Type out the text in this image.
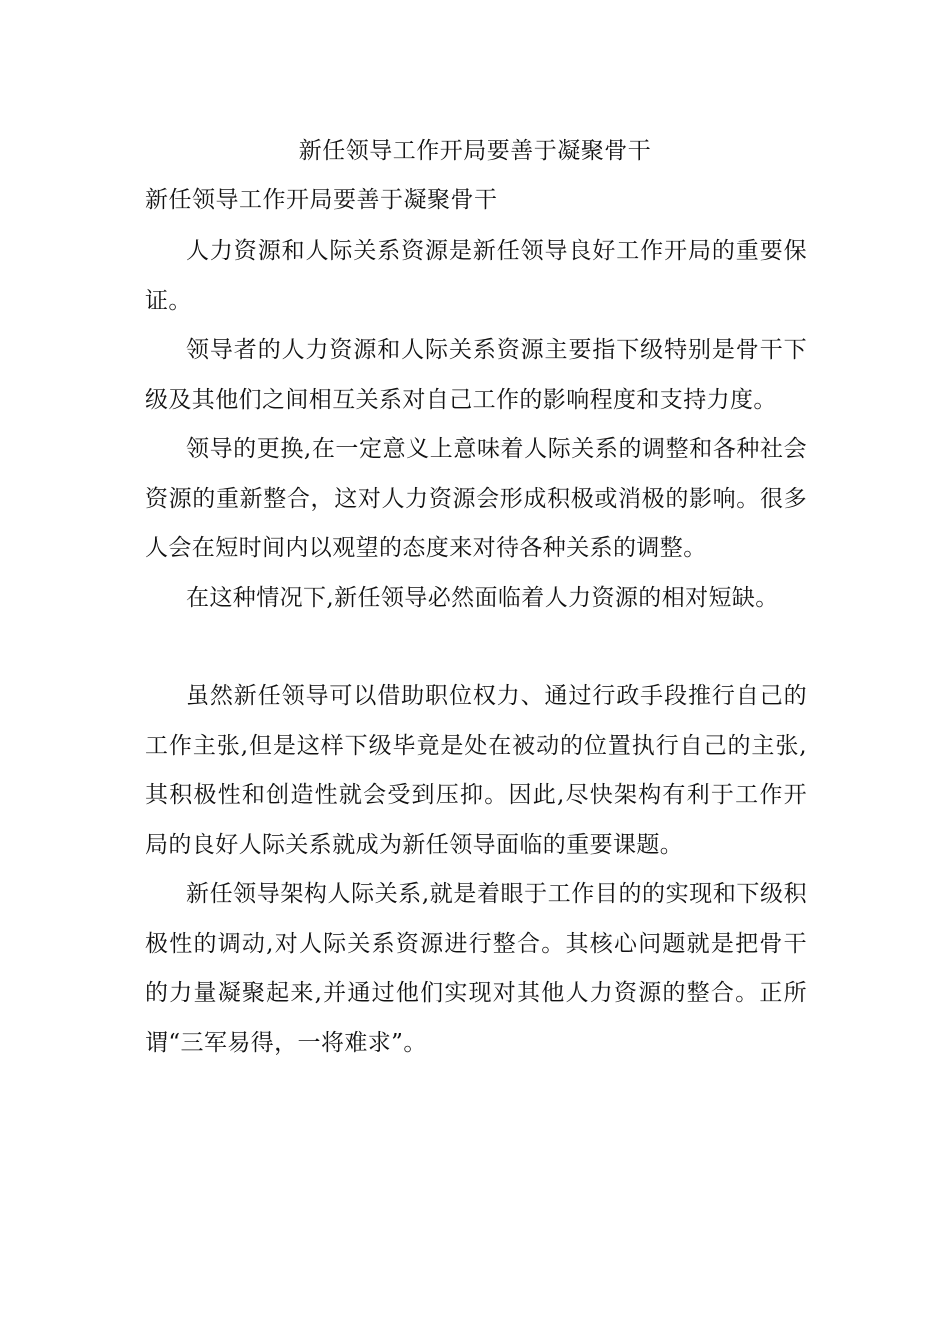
新任领导工作开局要善于凝聚骨干
新任领导工作开局要善于凝聚骨干

人力资源和人际关系资源是新任领导良好工作开局的重要保证。

领导者的人力资源和人际关系资源主要指下级特别是骨干下级及其他们之间相互关系对自己工作的影响程度和支持力度。

领导的更换,在一定意义上意味着人际关系的调整和各种社会资源的重新整合，这对人力资源会形成积极或消极的影响。很多人会在短时间内以观望的态度来对待各种关系的调整。

在这种情况下,新任领导必然面临着人力资源的相对短缺。

虽然新任领导可以借助职位权力、通过行政手段推行自己的工作主张,但是这样下级毕竟是处在被动的位置执行自己的主张,其积极性和创造性就会受到压抑。因此,尽快架构有利于工作开局的良好人际关系就成为新任领导面临的重要课题。

新任领导架构人际关系,就是着眼于工作目的的实现和下级积极性的调动,对人际关系资源进行整合。其核心问题就是把骨干的力量凝聚起来,并通过他们实现对其他人力资源的整合。正所谓“三军易得，一将难求”。
